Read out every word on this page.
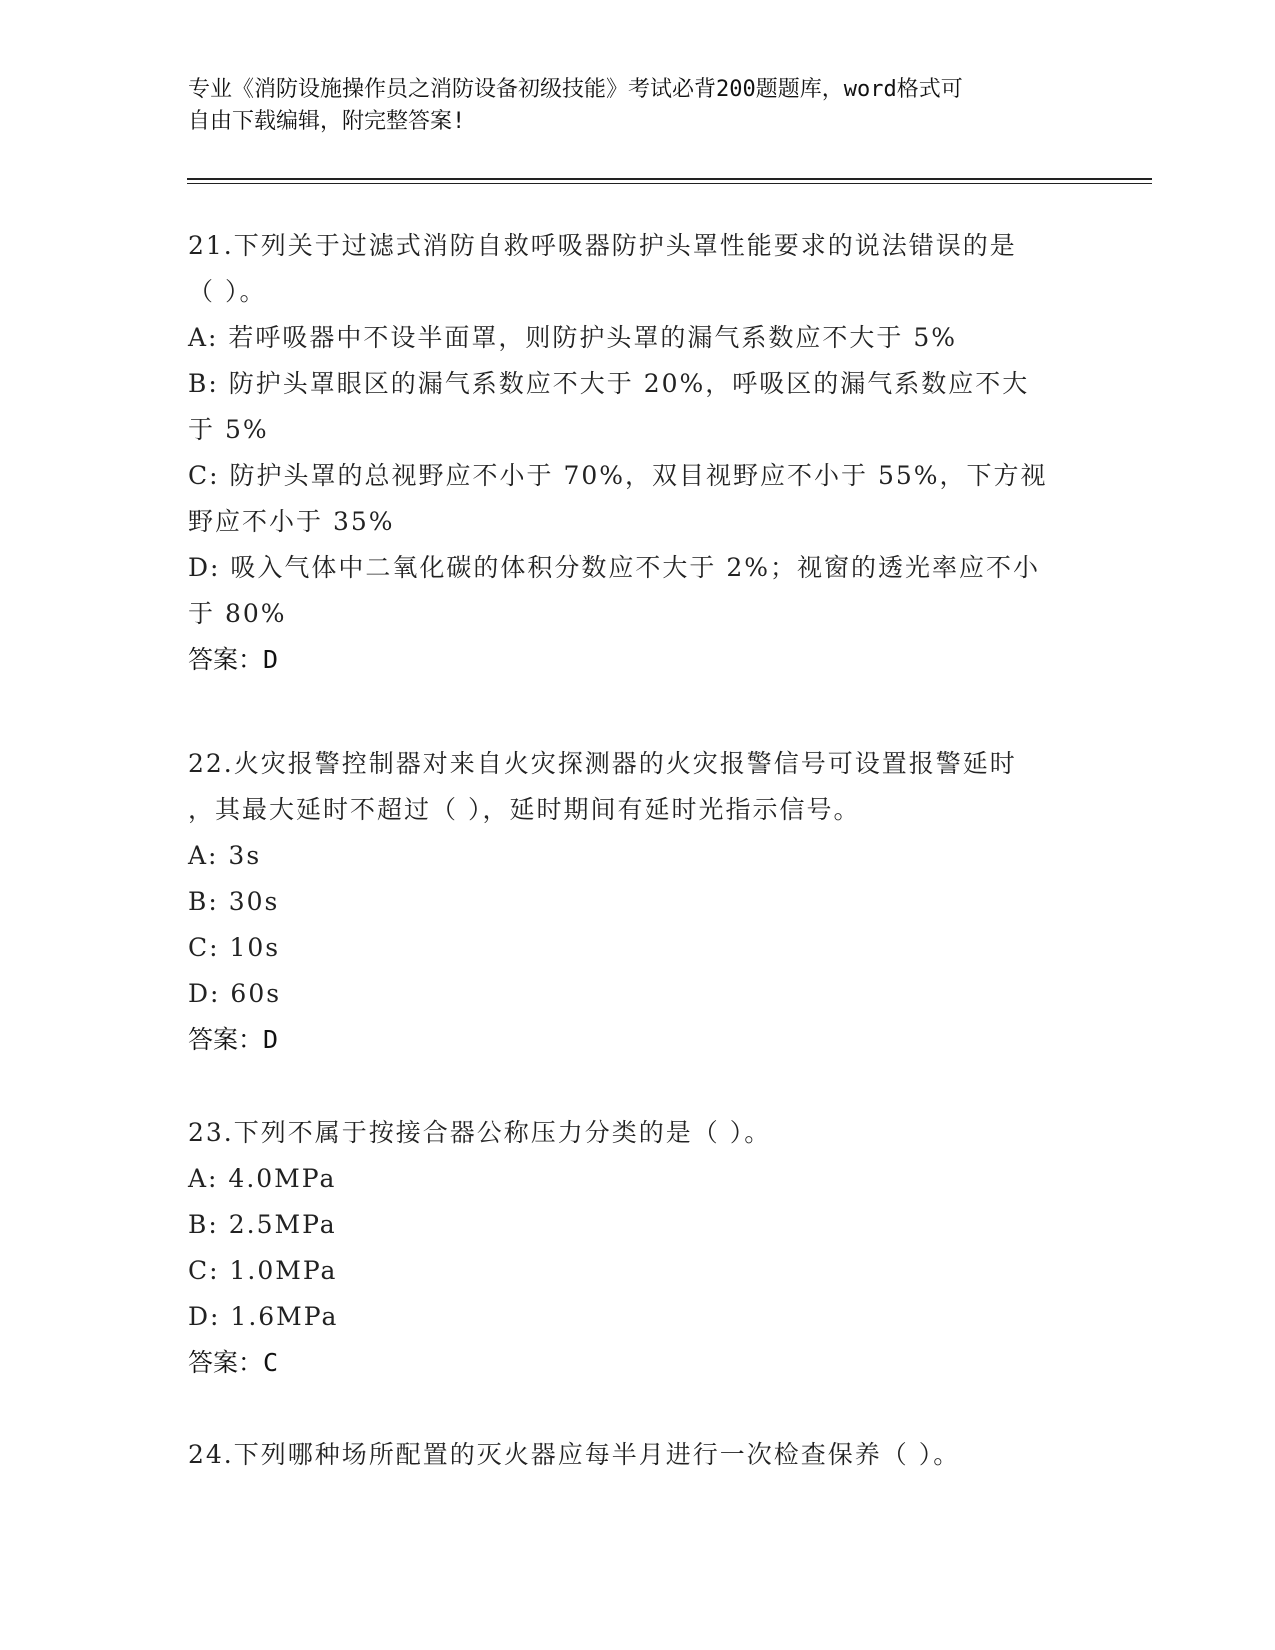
专业《消防设施操作员之消防设备初级技能》考试必背200题题库，word格式可
自由下载编辑，附完整答案!
21.下列关于过滤式消防自救呼吸器防护头罩性能要求的说法错误的是
（ ）。
A: 若呼吸器中不设半面罩，则防护头罩的漏气系数应不大于 5%
B: 防护头罩眼区的漏气系数应不大于 20%，呼吸区的漏气系数应不大
于 5%
C: 防护头罩的总视野应不小于 70%，双目视野应不小于 55%，下方视
野应不小于 35%
D: 吸入气体中二氧化碳的体积分数应不大于 2%；视窗的透光率应不小
于 80%
答案：D
22.火灾报警控制器对来自火灾探测器的火灾报警信号可设置报警延时
，其最大延时不超过（ ），延时期间有延时光指示信号。
A: 3s
B: 30s
C: 10s
D: 60s
答案：D
23.下列不属于按接合器公称压力分类的是（ ）。
A: 4.0MPa
B: 2.5MPa
C: 1.0MPa
D: 1.6MPa
答案：C
24.下列哪种场所配置的灭火器应每半月进行一次检查保养（ ）。
